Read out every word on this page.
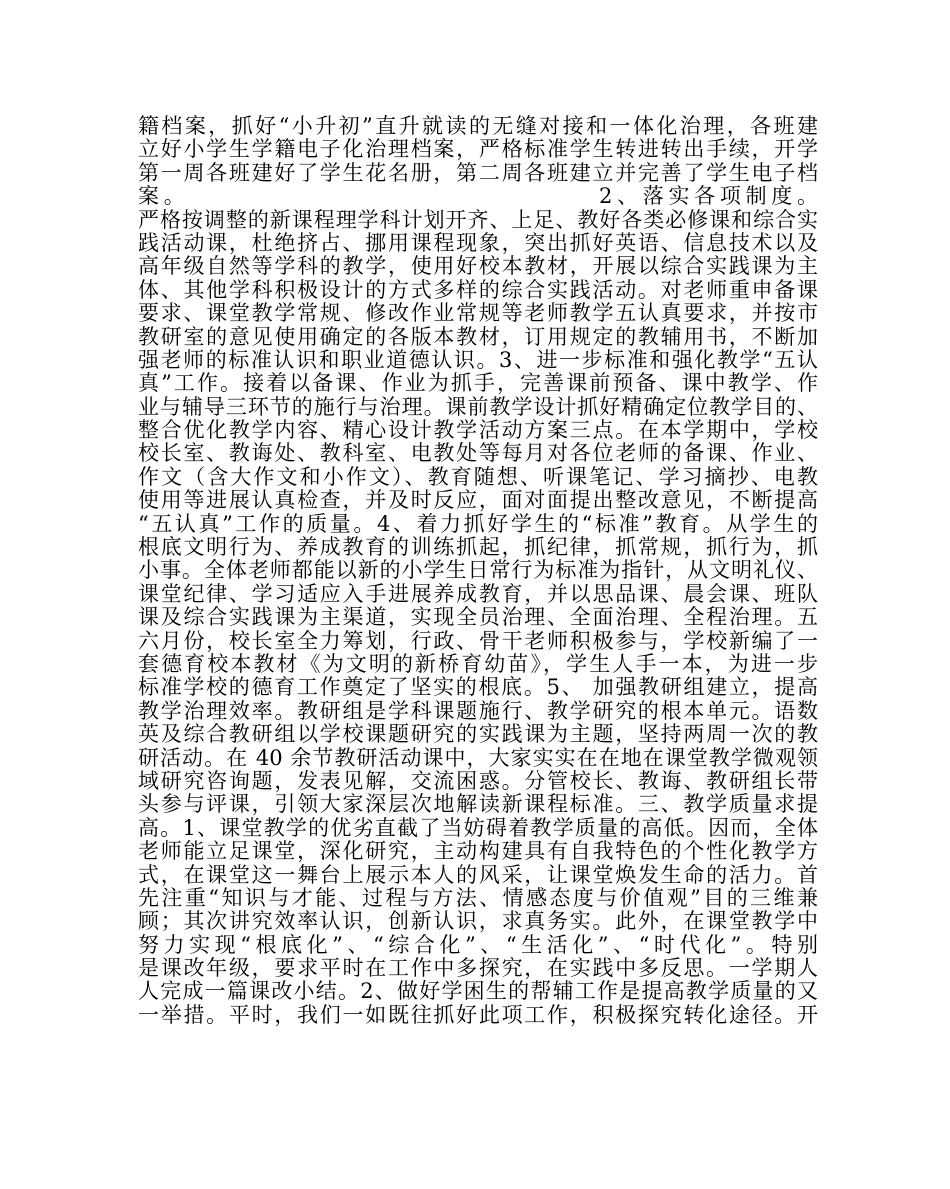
籍档案，抓好“小升初”直升就读的无缝对接和一体化治理，各班建
立好小学生学籍电子化治理档案，严格标准学生转进转出手续，开学
第一周各班建好了学生花名册，第二周各班建立并完善了学生电子档
案。                                    2、落实各项制度。
严格按调整的新课程理学科计划开齐、上足、教好各类必修课和综合实
践活动课，杜绝挤占、挪用课程现象，突出抓好英语、信息技术以及
高年级自然等学科的教学，使用好校本教材，开展以综合实践课为主
体、其他学科积极设计的方式多样的综合实践活动。对老师重申备课
要求、课堂教学常规、修改作业常规等老师教学五认真要求，并按市
教研室的意见使用确定的各版本教材，订用规定的教辅用书，不断加
强老师的标准认识和职业道德认识。3、进一步标准和强化教学“五认
真”工作。接着以备课、作业为抓手，完善课前预备、课中教学、作
业与辅导三环节的施行与治理。课前教学设计抓好精确定位教学目的、
整合优化教学内容、精心设计教学活动方案三点。在本学期中，学校
校长室、教诲处、教科室、电教处等每月对各位老师的备课、作业、
作文（含大作文和小作文）、教育随想、听课笔记、学习摘抄、电教
使用等进展认真检查，并及时反应，面对面提出整改意见，不断提高
“五认真”工作的质量。4、着力抓好学生的“标准”教育。从学生的
根底文明行为、养成教育的训练抓起，抓纪律，抓常规，抓行为，抓
小事。全体老师都能以新的小学生日常行为标准为指针，从文明礼仪、
课堂纪律、学习适应入手进展养成教育，并以思品课、晨会课、班队
课及综合实践课为主渠道，实现全员治理、全面治理、全程治理。五
六月份，校长室全力筹划，行政、骨干老师积极参与，学校新编了一
套德育校本教材《为文明的新桥育幼苗》，学生人手一本，为进一步
标准学校的德育工作奠定了坚实的根底。5、 加强教研组建立，提高
教学治理效率。教研组是学科课题施行、教学研究的根本单元。语数
英及综合教研组以学校课题研究的实践课为主题，坚持两周一次的教
研活动。在 40 余节教研活动课中，大家实实在在地在课堂教学微观领
域研究咨询题，发表见解，交流困惑。分管校长、教诲、教研组长带
头参与评课，引领大家深层次地解读新课程标准。三、教学质量求提
高。1、课堂教学的优劣直截了当妨碍着教学质量的高低。因而，全体
老师能立足课堂，深化研究，主动构建具有自我特色的个性化教学方
式，在课堂这一舞台上展示本人的风采，让课堂焕发生命的活力。首
先注重“知识与才能、过程与方法、情感态度与价值观”目的三维兼
顾；其次讲究效率认识，创新认识，求真务实。此外，在课堂教学中
努力实现“根底化”、“综合化”、“生活化”、“时代化”。特别
是课改年级，要求平时在工作中多探究，在实践中多反思。一学期人
人完成一篇课改小结。2、做好学困生的帮辅工作是提高教学质量的又
一举措。平时，我们一如既往抓好此项工作，积极探究转化途径。开
